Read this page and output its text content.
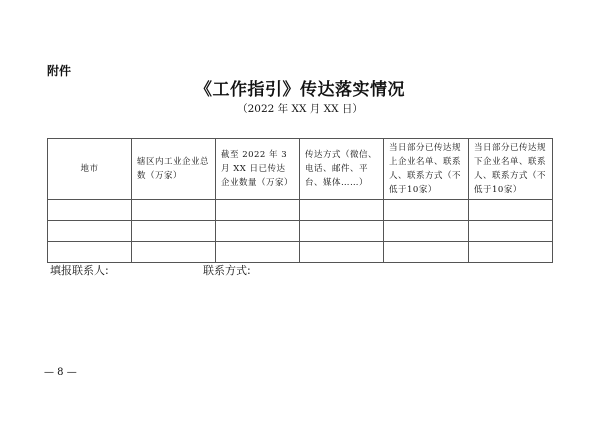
附件
《工作指引》传达落实情况
（2022 年 XX 月 XX 日）
地市	辖区内工业企业总数（万家）	截至 2022 年 3 月 XX 日已传达企业数量（万家）	传达方式（微信、电话、邮件、平台、媒体……）	当日部分已传达规上企业名单、联系人、联系方式（不低于10家）	当日部分已传达规下企业名单、联系人、联系方式（不低于10家）

填报联系人:	联系方式:
— 8 —
